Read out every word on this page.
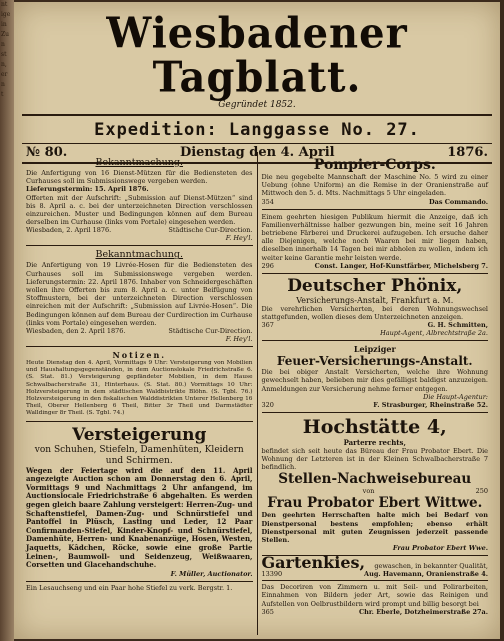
nt
ige
in
Zu
n
st
n,
er
n
t
Wiesbadener Tagblatt.
Gegründet 1852.
Expedition: Langgasse No. 27.
№ 80.	Dienstag den 4. April	1876.
Bekanntmachung.
Die Anfertigung von 16 Dienst-Mützen für die Bediensteten des Curhauses soll im Submissionswege vergeben werden.
Lieferungstermin: 15. April 1876.
Offerten mit der Aufschrift: „Submission auf Dienst-Mützen“ sind bis 8. April a. c. bei der unterzeichneten Direction verschlossen einzureichen. Muster und Bedingungen können auf dem Bureau derselben im Curhause (links vom Portale) eingesehen werden.
Wiesbaden, 2. April 1876.	Städtische Cur-Direction.
F. Hey'l.
Bekanntmachung.
Die Anfertigung von 19 Livrée-Hosen für die Bediensteten des Curhauses soll im Submissionswege vergeben werden. Lieferungstermin: 22. April 1876. Inhaber von Schneidergeschäften wollen ihre Offerten bis zum 8. April a. c. unter Beifügung von Stoffmustern, bei der unterzeichneten Direction verschlossen einreichen mit der Aufschrift: „Submission auf Livrée-Hosen“. Die Bedingungen können auf dem Bureau der Curdirection im Curhause (links vom Portale) eingesehen werden.
Wiesbaden, den 2. April 1876.	Städtische Cur-Direction.
F. Hey'l.
Notizen.
Heute Dienstag den 4. April, Vormittags 9 Uhr: Versteigerung von Mobilien und Haushaltungsgegenständen, in dem Auctionslokale Friedrichstraße 6. (S. Stat. 81.) Versteigerung gepfändeter Mobilien, in dem Hause Schwalbacherstraße 31, Hinterhaus. (S. Stat. 80.) Vormittags 10 Uhr: Holzversteigerung in dem städtischen Waldbistrikte Blöhn. (S. Tgbl. 76.) Holzversteigerung in den fiskalischen Walddistrikten Unterer Hellenberg 16 Theil, Oberer Hellenberg 6 Theil, Bitter 3r Theil und Darmstädter Walldinger 8r Theil. (S. Tgbl. 74.)
Versteigerung
von Schuhen, Stiefeln, Damenhüten, Kleidern und Schirmen.
Wegen der Feiertage wird die auf den 11. April angezeigte Auction schon am Donnerstag den 6. April, Vormittags 9 und Nachmittags 2 Uhr anfangend, im Auctionslocale Friedrichstraße 6 abgehalten. Es werden gegen gleich baare Zahlung versteigert: Herren-Zug- und Schaftenstiefel, Damen-Zug- und Schnürstiefel und Pantoffel in Plüsch, Lasting und Leder, 12 Paar Confirmanden-Stiefel, Kinder-Knopf- und Schnürstiefel, Damenhüte, Herren- und Knabenanzüge, Hosen, Westen, Jaquetts, Kâdchen, Röcke, sowie eine große Partie Leinen-, Baumwoll- und Seidenzeug, Weißwaaren, Corsetten und Glacehandschuhe.
F. Müller, Auctionator.
Ein Lesauchseng und ein Paar hohe Stiefel zu verk. Bergstr. 1.
Pompier-Corps.
Die neu gegebelte Mannschaft der Maschine No. 5 wird zu einer Uebung (ohne Uniform) an die Remise in der Oranienstraße auf Mittwoch den 5. d. Mts. Nachmittags 5 Uhr eingeladen.
354	Das Commando.
Einem geehrten hiesigen Publikum hiermit die Anzeige, daß ich Familienverhältnisse halber gezwungen bin, meine seit 16 Jahren betriebene Färberei und Druckerei aufzugeben. Ich ersuche daher alle Diejenigen, welche noch Waaren bei mir liegen haben, dieselben innerhalb 14 Tagen bei mir abholen zu wollen, indem ich weiter keine Garantie mehr leisten werde.
296	Const. Langer, Hof-Kunstfärber, Michelsberg 7.
Deutscher Phönix,
Versicherungs-Anstalt, Frankfurt a. M.
Die verehrlichen Versicherten, bei deren Wohnungswechsel stattgefunden, wollen dieses dem Unterzeichneten anzeigen.
367	G. H. Schmitten,
Haupt-Agent, Albrechtstraße 2a.
Leipziger
Feuer-Versicherungs-Anstalt.
Die bei obiger Anstalt Versicherten, welche ihre Wohnung gewechselt haben, belieben mir dies gefälligst baldigst anzuzeigen. Anmeldungen zur Versicherung nehme ferner entgegen.
Die Haupt-Agentur:
320	F. Strasburger, Rheinstraße 52.
Hochstätte 4,
Parterre rechts,
befindet sich seit heute das Büreau der Frau Probator Ebert. Die Wohnung der Letzteren ist in der Kleinen Schwalbacherstraße 7 befindlich.
Stellen-Nachweisebureau
von	250
Frau Probator Ebert Wittwe.
Den geehrten Herrschaften halte mich bei Bedarf von Dienstpersonal bestens empfohlen; ebenso erhält Dienstpersonal mit guten Zeugnissen jederzeit passende Stellen.
Frau Probator Ebert Wwe.
Gartenkies, gewaschen, in bekannter Qualität,
13390	Aug. Havemann, Oranienstraße 4.
Das Decoriren von Zimmern u. mit Seil- und Polirarbeiten, Einnahmen von Bildern jeder Art, sowie das Reinigen und Aufstellen von Oelbrustbildern wird prompt und billig besorgt bei
365	Chr. Eberle, Dotzheimerstraße 27a.
